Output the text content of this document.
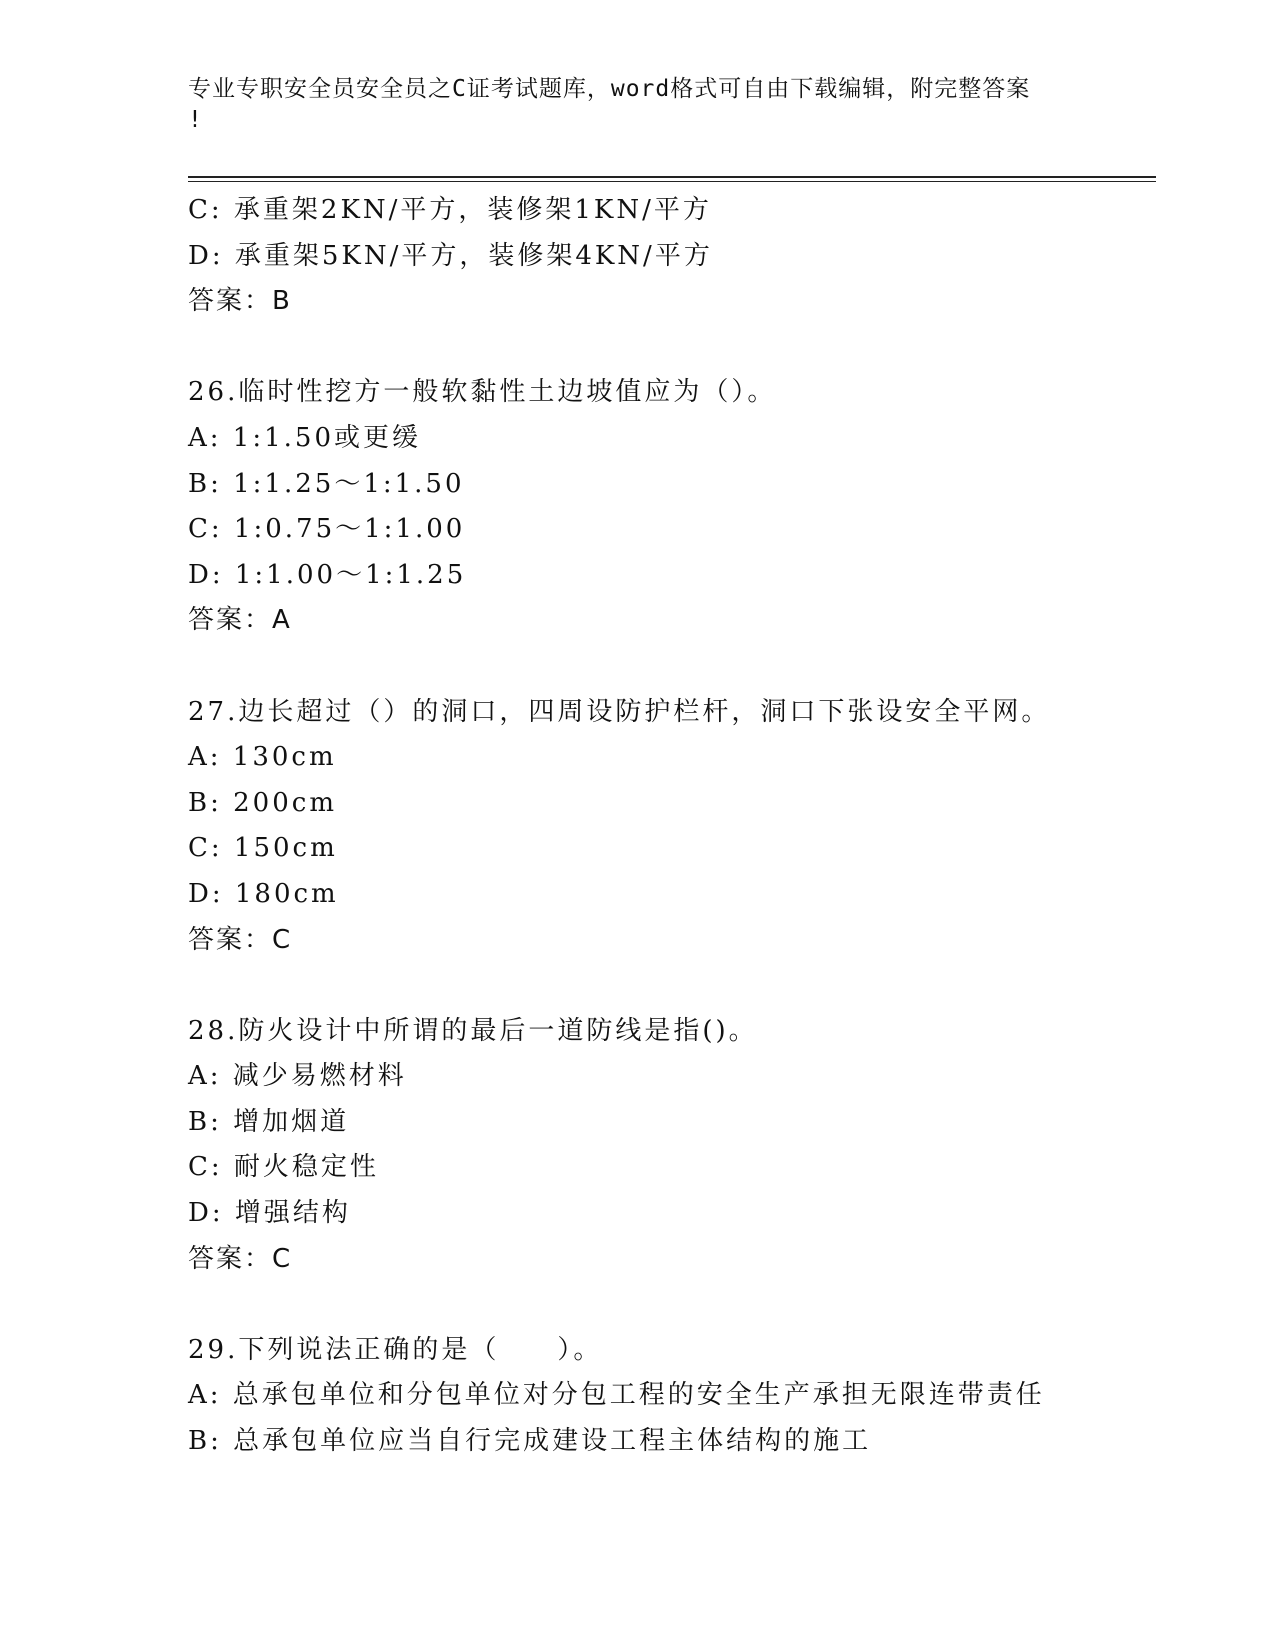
专业专职安全员安全员之C证考试题库，word格式可自由下载编辑，附完整答案
!
C: 承重架2KN/平方，装修架1KN/平方
D: 承重架5KN/平方，装修架4KN/平方
答案：B
26.临时性挖方一般软黏性土边坡值应为（）。
A: 1:1.50或更缓
B: 1:1.25～1:1.50
C: 1:0.75～1:1.00
D: 1:1.00～1:1.25
答案：A
27.边长超过（）的洞口，四周设防护栏杆，洞口下张设安全平网。
A: 130cm
B: 200cm
C: 150cm
D: 180cm
答案：C
28.防火设计中所谓的最后一道防线是指()。
A: 减少易燃材料
B: 增加烟道
C: 耐火稳定性
D: 增强结构
答案：C
29.下列说法正确的是（　　）。
A: 总承包单位和分包单位对分包工程的安全生产承担无限连带责任
B: 总承包单位应当自行完成建设工程主体结构的施工
